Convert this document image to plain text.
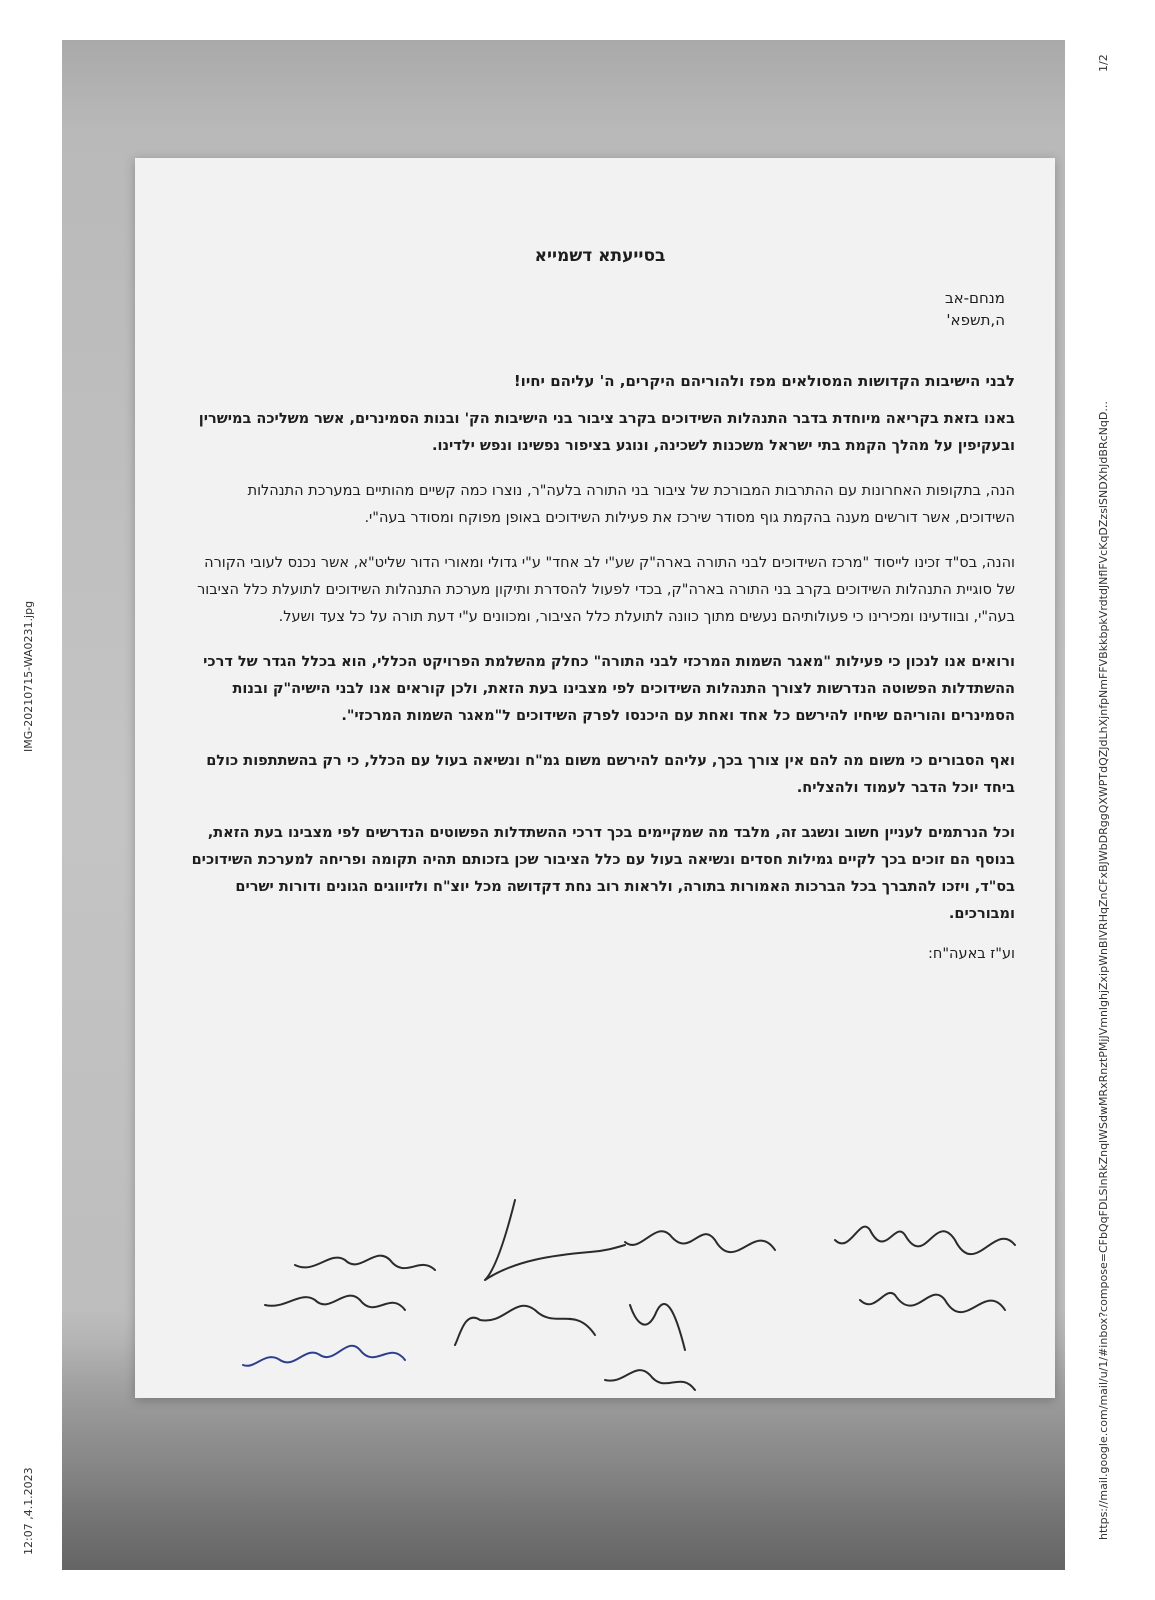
בסייעתא דשמייא
מנחם-אב
ה,תשפא'
לבני הישיבות הקדושות המסולאים מפז ולהוריהם היקרים, ה' עליהם יחיו!

באנו בזאת בקריאה מיוחדת בדבר התנהלות השידוכים בקרב ציבור בני הישיבות הק' ובנות הסמינרים, אשר משליכה במישרין ובעקיפין על מהלך הקמת בתי ישראל משכנות לשכינה, ונוגע בציפור נפשינו ונפש ילדינו.

הנה, בתקופות האחרונות עם ההתרבות המבורכת של ציבור בני התורה בלעה"ר, נוצרו כמה קשיים מהותיים במערכת התנהלות השידוכים, אשר דורשים מענה בהקמת גוף מסודר שירכז את פעילות השידוכים באופן מפוקח ומסודר בעה"י.

והנה, בס"ד זכינו לייסוד "מרכז השידוכים לבני התורה בארה"ק שע"י לב אחד" ע"י גדולי ומאורי הדור שליט"א, אשר נכנס לעובי הקורה של סוגיית התנהלות השידוכים בקרב בני התורה בארה"ק, בכדי לפעול להסדרת ותיקון מערכת התנהלות השידוכים לתועלת כלל הציבור בעה"י, ובוודעינו ומכירינו כי פעולותיהם נעשים מתוך כוונה לתועלת כלל הציבור, ומכוונים ע"י דעת תורה על כל צעד ושעל.

ורואים אנו לנכון כי פעילות "מאגר השמות המרכזי לבני התורה" כחלק מהשלמת הפרויקט הכללי, הוא בכלל הגדר של דרכי ההשתדלות הפשוטה הנדרשות לצורך התנהלות השידוכים לפי מצבינו בעת הזאת, ולכן קוראים אנו לבני הישיה"ק ובנות הסמינרים והוריהם שיחיו להירשם כל אחד ואחת עם היכנסו לפרק השידוכים ל"מאגר השמות המרכזי".

ואף הסבורים כי משום מה להם אין צורך בכך, עליהם להירשם משום גמ"ח ונשיאה בעול עם הכלל, כי רק בהשתתפות כולם ביחד יוכל הדבר לעמוד ולהצליח.

וכל הנרתמים לעניין חשוב ונשגב זה, מלבד מה שמקיימים בכך דרכי ההשתדלות הפשוטים הנדרשים לפי מצבינו בעת הזאת, בנוסף הם זוכים בכך לקיים גמילות חסדים ונשיאה בעול עם כלל הציבור שכן בזכותם תהיה תקומה ופריחה למערכת השידוכים בס"ד, ויזכו להתברך בכל הברכות האמורות בתורה, ולראות רוב נחת דקדושה מכל יוצ"ח ולזיווגים הגונים ודורות ישרים ומבורכים.

וע"ז באעה"ח:
IMG-20210715-WA0231.jpg
12:07 ,4.1.2023	https://mail.google.com/mail/u/1/#inbox?compose=CFbQqFDLSlnRkZnqlWSdwMRxRnztPMjJVmnlghjZxipWnBlVRHqZnCFxBJWbDRggQXWPTdQZJdLhXjnfpNmFFVBkkbpkVrdtdJNflFVcKqDZzslSNDXhJdBRcNqD...
1/2
